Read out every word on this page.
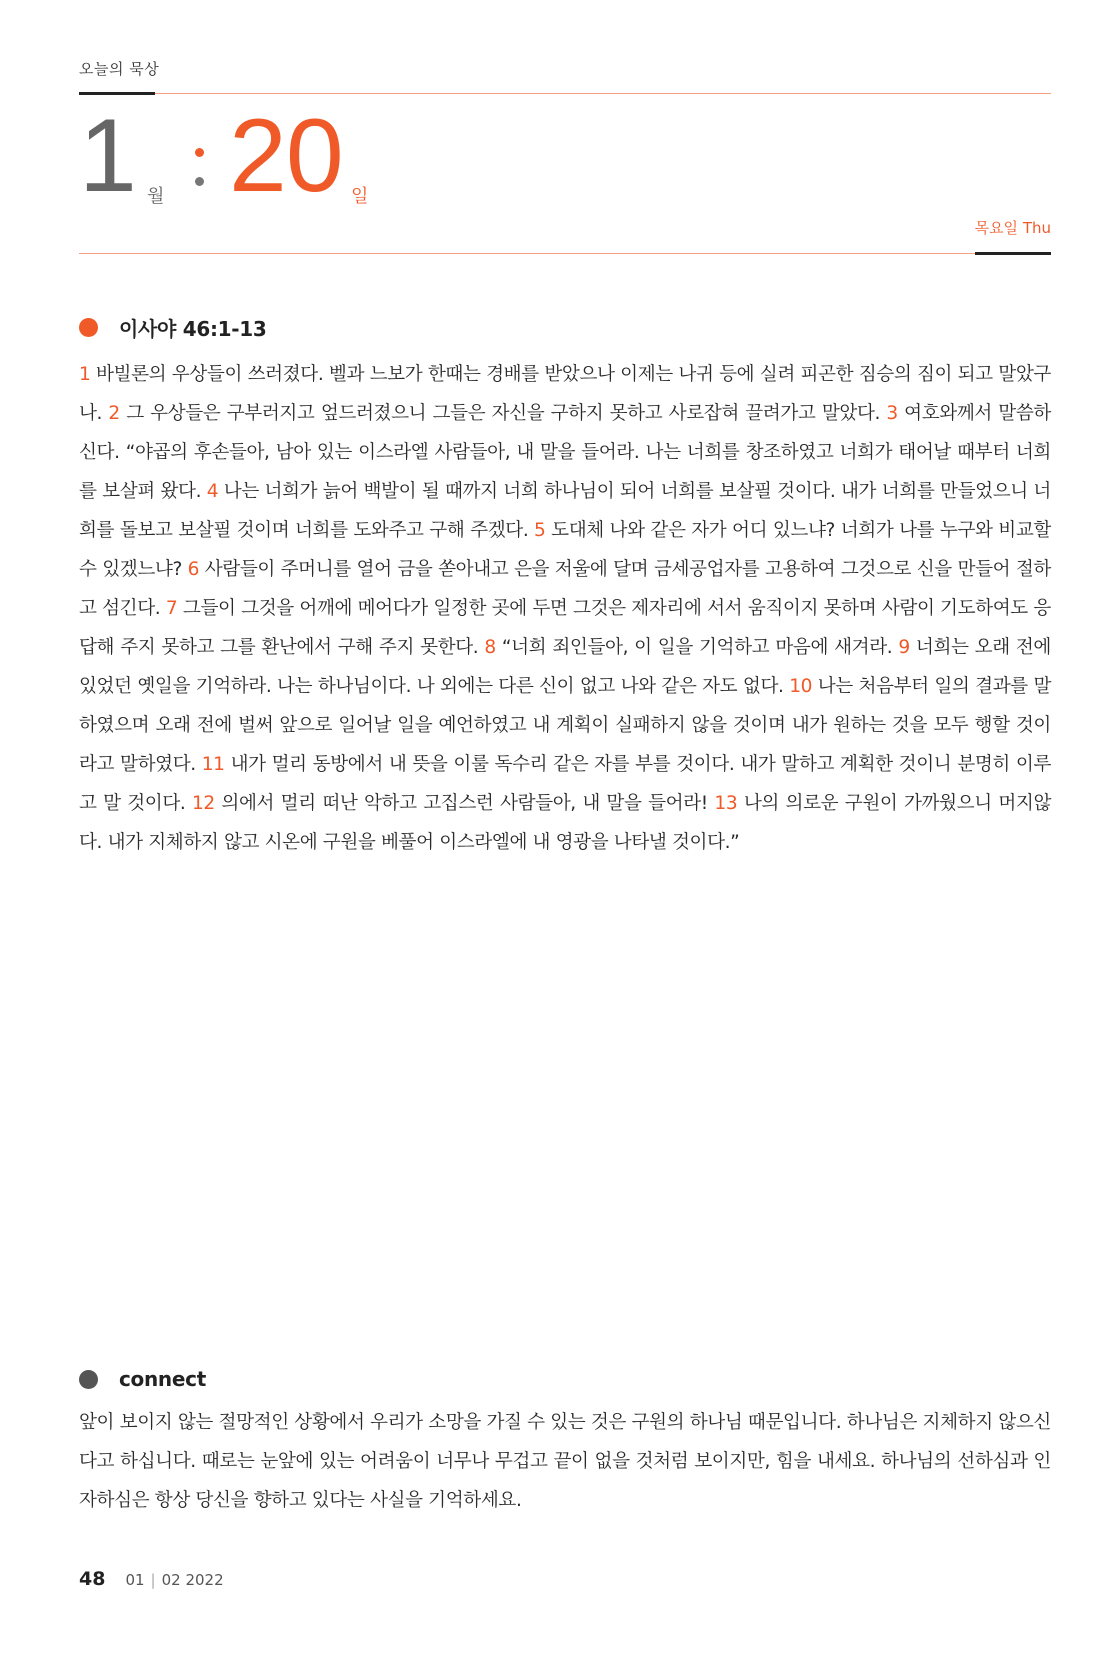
오늘의 묵상
1 월 20 일
목요일 Thu
이사야 46:1-13
1 바빌론의 우상들이 쓰러졌다. 벨과 느보가 한때는 경배를 받았으나 이제는 나귀 등에 실려 피곤한 짐승의 짐이 되고 말았구나. 2 그 우상들은 구부러지고 엎드러졌으니 그들은 자신을 구하지 못하고 사로잡혀 끌려가고 말았다. 3 여호와께서 말씀하신다. “야곱의 후손들아, 남아 있는 이스라엘 사람들아, 내 말을 들어라. 나는 너희를 창조하였고 너희가 태어날 때부터 너희를 보살펴 왔다. 4 나는 너희가 늙어 백발이 될 때까지 너희 하나님이 되어 너희를 보살필 것이다. 내가 너희를 만들었으니 너희를 돌보고 보살필 것이며 너희를 도와주고 구해 주겠다. 5 도대체 나와 같은 자가 어디 있느냐? 너희가 나를 누구와 비교할 수 있겠느냐? 6 사람들이 주머니를 열어 금을 쏟아내고 은을 저울에 달며 금세공업자를 고용하여 그것으로 신을 만들어 절하고 섬긴다. 7 그들이 그것을 어깨에 메어다가 일정한 곳에 두면 그것은 제자리에 서서 움직이지 못하며 사람이 기도하여도 응답해 주지 못하고 그를 환난에서 구해 주지 못한다. 8 “너희 죄인들아, 이 일을 기억하고 마음에 새겨라. 9 너희는 오래 전에 있었던 옛일을 기억하라. 나는 하나님이다. 나 외에는 다른 신이 없고 나와 같은 자도 없다. 10 나는 처음부터 일의 결과를 말하였으며 오래 전에 벌써 앞으로 일어날 일을 예언하였고 내 계획이 실패하지 않을 것이며 내가 원하는 것을 모두 행할 것이라고 말하였다. 11 내가 멀리 동방에서 내 뜻을 이룰 독수리 같은 자를 부를 것이다. 내가 말하고 계획한 것이니 분명히 이루고 말 것이다. 12 의에서 멀리 떠난 악하고 고집스런 사람들아, 내 말을 들어라! 13 나의 의로운 구원이 가까웠으니 머지않다. 내가 지체하지 않고 시온에 구원을 베풀어 이스라엘에 내 영광을 나타낼 것이다.”
connect
앞이 보이지 않는 절망적인 상황에서 우리가 소망을 가질 수 있는 것은 구원의 하나님 때문입니다. 하나님은 지체하지 않으신다고 하십니다. 때로는 눈앞에 있는 어려움이 너무나 무겁고 끝이 없을 것처럼 보이지만, 힘을 내세요. 하나님의 선하심과 인자하심은 항상 당신을 향하고 있다는 사실을 기억하세요.
48 01 | 02 2022
